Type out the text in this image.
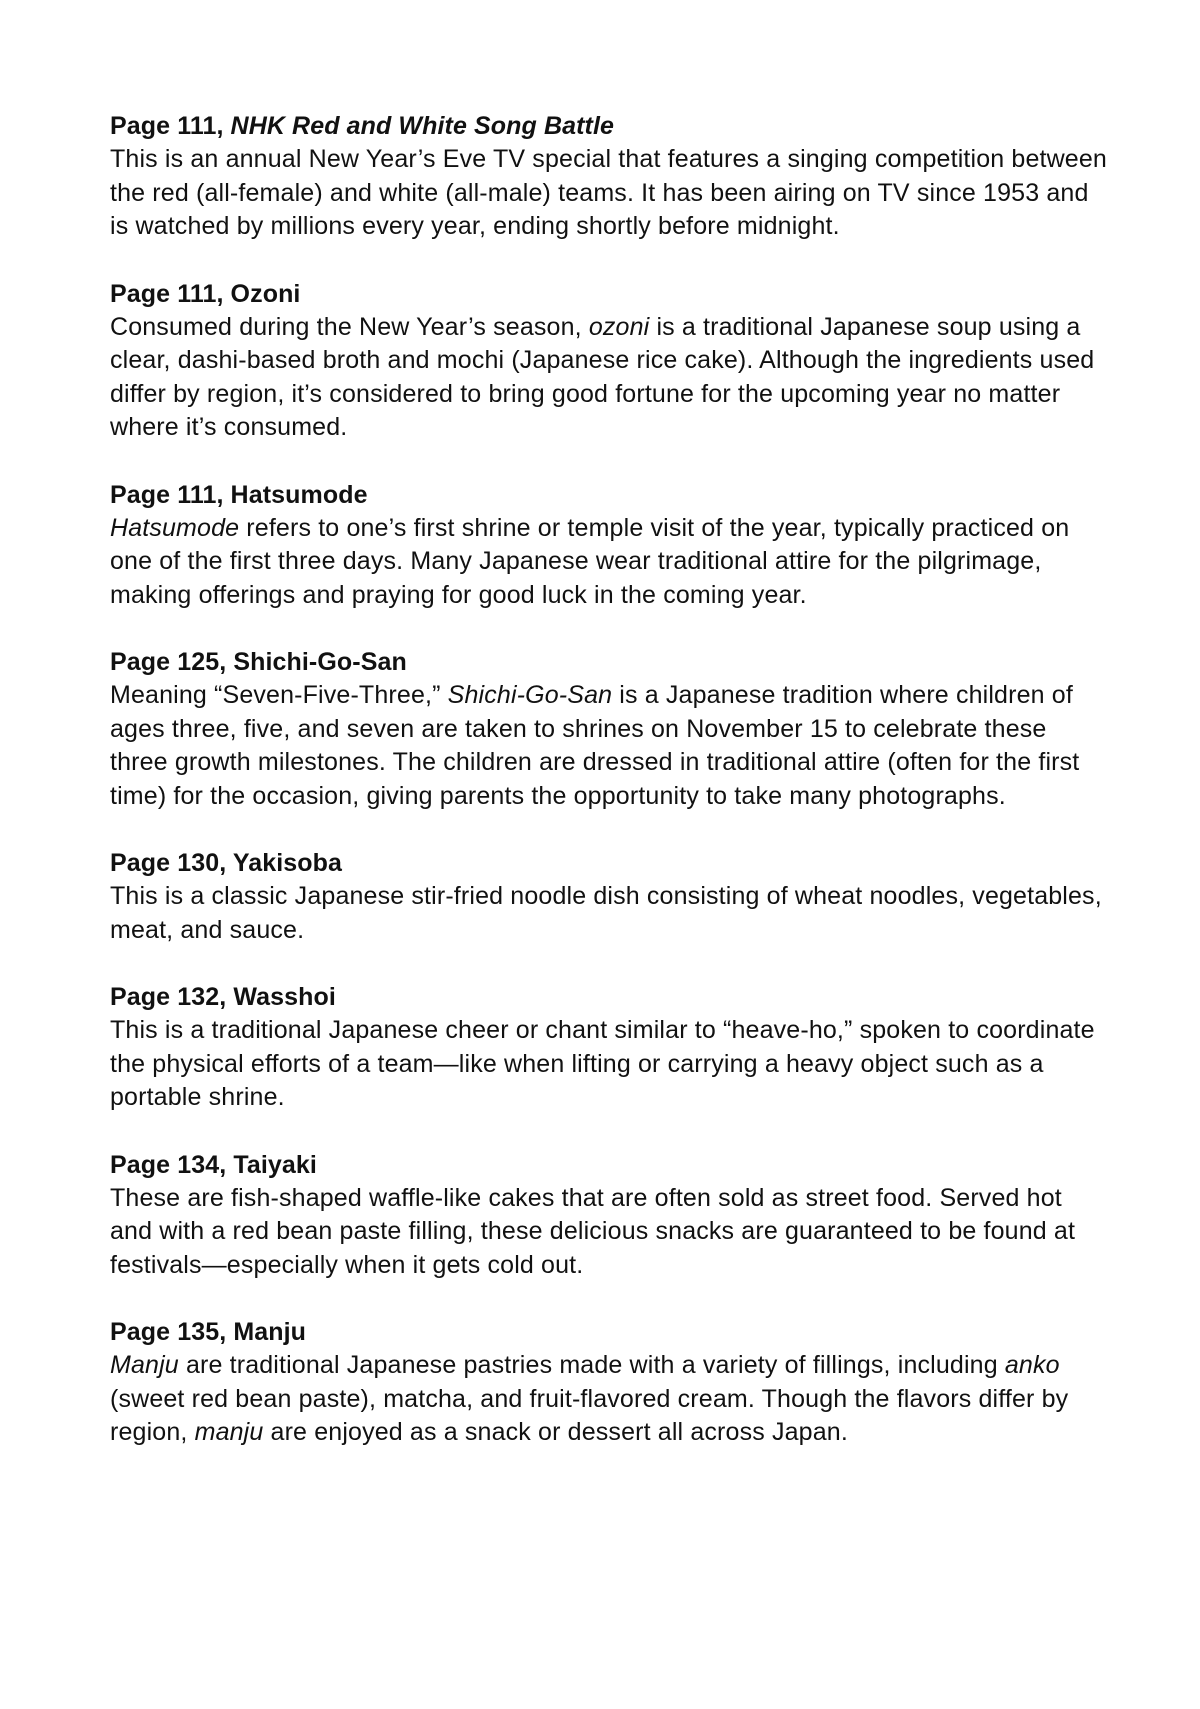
Page 111, NHK Red and White Song Battle

This is an annual New Year’s Eve TV special that features a singing competition between the red (all-female) and white (all-male) teams. It has been airing on TV since 1953 and is watched by millions every year, ending shortly before midnight.

Page 111, Ozoni

Consumed during the New Year’s season, ozoni is a traditional Japanese soup using a clear, dashi-based broth and mochi (Japanese rice cake). Although the ingredients used differ by region, it’s considered to bring good fortune for the upcoming year no matter where it’s consumed.

Page 111, Hatsumode

Hatsumode refers to one’s first shrine or temple visit of the year, typically practiced on one of the first three days. Many Japanese wear traditional attire for the pilgrimage, making offerings and praying for good luck in the coming year.

Page 125, Shichi-Go-San

Meaning “Seven-Five-Three,” Shichi-Go-San is a Japanese tradition where children of ages three, five, and seven are taken to shrines on November 15 to celebrate these three growth milestones. The children are dressed in traditional attire (often for the first time) for the occasion, giving parents the opportunity to take many photographs.

Page 130, Yakisoba

This is a classic Japanese stir-fried noodle dish consisting of wheat noodles, vegetables, meat, and sauce.

Page 132, Wasshoi

This is a traditional Japanese cheer or chant similar to “heave-ho,” spoken to coordinate the physical efforts of a team—like when lifting or carrying a heavy object such as a portable shrine.

Page 134, Taiyaki

These are fish-shaped waffle-like cakes that are often sold as street food. Served hot and with a red bean paste filling, these delicious snacks are guaranteed to be found at festivals—especially when it gets cold out.

Page 135, Manju

Manju are traditional Japanese pastries made with a variety of fillings, including anko (sweet red bean paste), matcha, and fruit-flavored cream. Though the flavors differ by region, manju are enjoyed as a snack or dessert all across Japan.
